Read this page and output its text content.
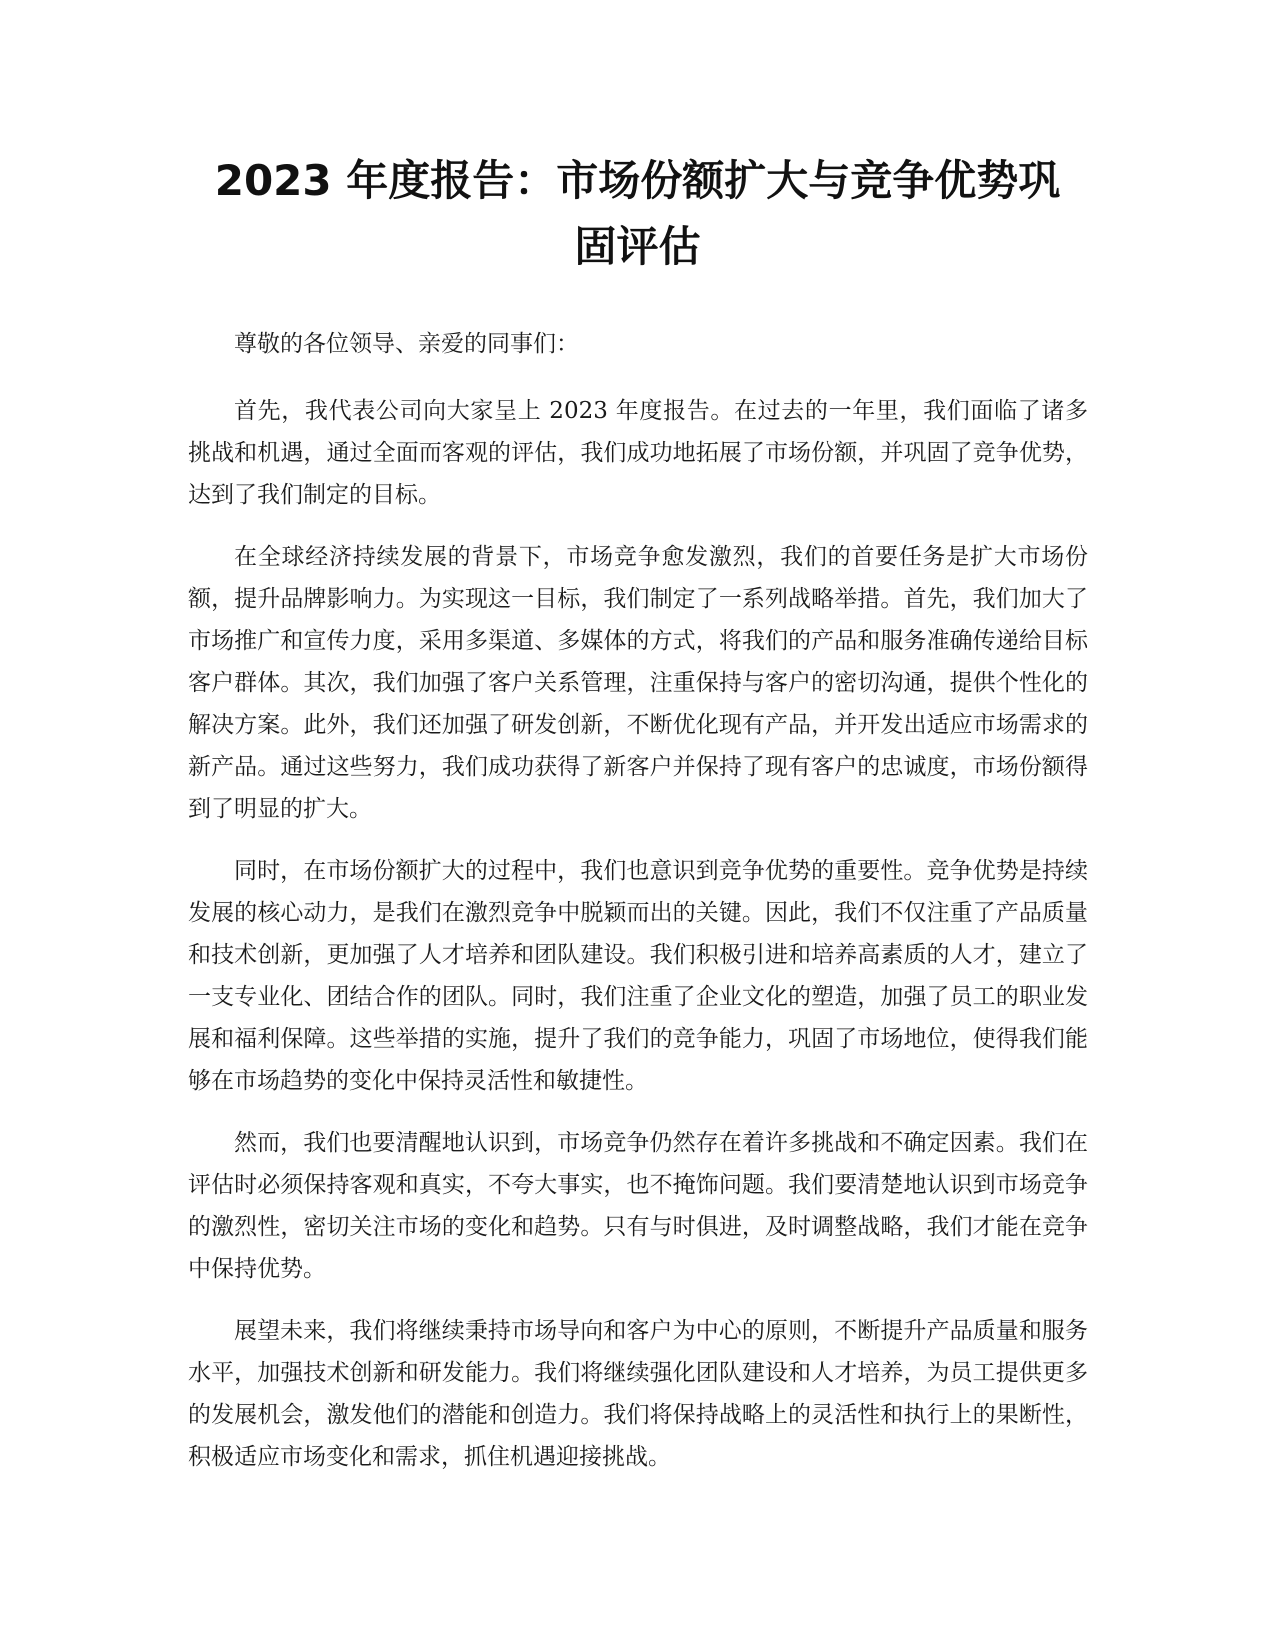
2023 年度报告：市场份额扩大与竞争优势巩
固评估

尊敬的各位领导、亲爱的同事们：

首先，我代表公司向大家呈上 2023 年度报告。在过去的一年里，我们面临了诸多挑战和机遇，通过全面而客观的评估，我们成功地拓展了市场份额，并巩固了竞争优势，达到了我们制定的目标。

在全球经济持续发展的背景下，市场竞争愈发激烈，我们的首要任务是扩大市场份额，提升品牌影响力。为实现这一目标，我们制定了一系列战略举措。首先，我们加大了市场推广和宣传力度，采用多渠道、多媒体的方式，将我们的产品和服务准确传递给目标客户群体。其次，我们加强了客户关系管理，注重保持与客户的密切沟通，提供个性化的解决方案。此外，我们还加强了研发创新，不断优化现有产品，并开发出适应市场需求的新产品。通过这些努力，我们成功获得了新客户并保持了现有客户的忠诚度，市场份额得到了明显的扩大。

同时，在市场份额扩大的过程中，我们也意识到竞争优势的重要性。竞争优势是持续发展的核心动力，是我们在激烈竞争中脱颖而出的关键。因此，我们不仅注重了产品质量和技术创新，更加强了人才培养和团队建设。我们积极引进和培养高素质的人才，建立了一支专业化、团结合作的团队。同时，我们注重了企业文化的塑造，加强了员工的职业发展和福利保障。这些举措的实施，提升了我们的竞争能力，巩固了市场地位，使得我们能够在市场趋势的变化中保持灵活性和敏捷性。

然而，我们也要清醒地认识到，市场竞争仍然存在着许多挑战和不确定因素。我们在评估时必须保持客观和真实，不夸大事实，也不掩饰问题。我们要清楚地认识到市场竞争的激烈性，密切关注市场的变化和趋势。只有与时俱进，及时调整战略，我们才能在竞争中保持优势。

展望未来，我们将继续秉持市场导向和客户为中心的原则，不断提升产品质量和服务水平，加强技术创新和研发能力。我们将继续强化团队建设和人才培养，为员工提供更多的发展机会，激发他们的潜能和创造力。我们将保持战略上的灵活性和执行上的果断性，积极适应市场变化和需求，抓住机遇迎接挑战。
